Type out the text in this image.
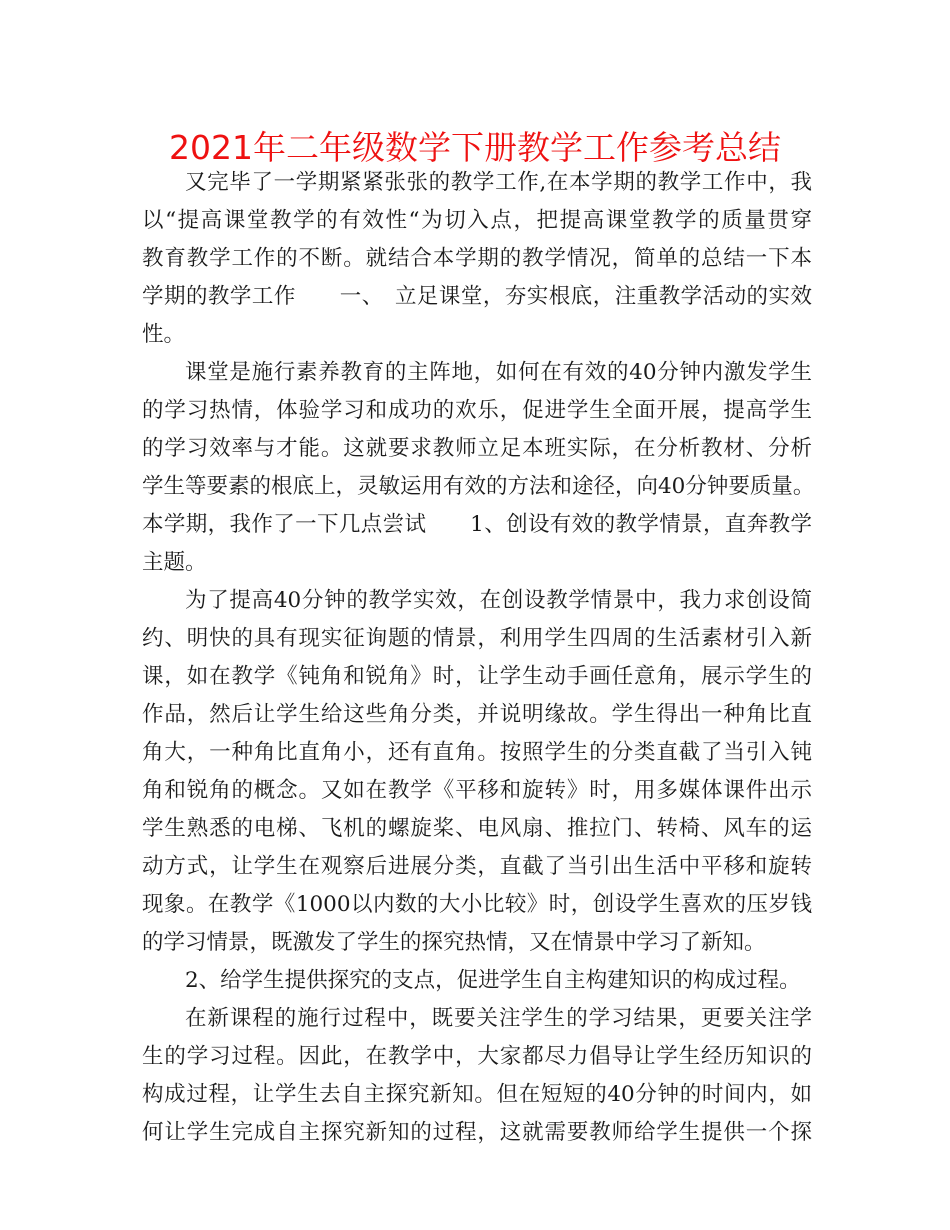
2021年二年级数学下册教学工作参考总结
又完毕了一学期紧紧张张的教学工作,在本学期的教学工作中，我
以“提高课堂教学的有效性“为切入点，把提高课堂教学的质量贯穿
教育教学工作的不断。就结合本学期的教学情况，简单的总结一下本
学期的教学工作　　一、　立足课堂，夯实根底，注重教学活动的实效
性。
课堂是施行素养教育的主阵地，如何在有效的40分钟内激发学生
的学习热情，体验学习和成功的欢乐，促进学生全面开展，提高学生
的学习效率与才能。这就要求教师立足本班实际，在分析教材、分析
学生等要素的根底上，灵敏运用有效的方法和途径，向40分钟要质量。
本学期，我作了一下几点尝试　　1、创设有效的教学情景，直奔教学
主题。
为了提高40分钟的教学实效，在创设教学情景中，我力求创设简
约、明快的具有现实征询题的情景，利用学生四周的生活素材引入新
课，如在教学《钝角和锐角》时，让学生动手画任意角，展示学生的
作品，然后让学生给这些角分类，并说明缘故。学生得出一种角比直
角大，一种角比直角小，还有直角。按照学生的分类直截了当引入钝
角和锐角的概念。又如在教学《平移和旋转》时，用多媒体课件出示
学生熟悉的电梯、飞机的螺旋桨、电风扇、推拉门、转椅、风车的运
动方式，让学生在观察后进展分类，直截了当引出生活中平移和旋转
现象。在教学《1000以内数的大小比较》时，创设学生喜欢的压岁钱
的学习情景，既激发了学生的探究热情，又在情景中学习了新知。
2、给学生提供探究的支点，促进学生自主构建知识的构成过程。
在新课程的施行过程中，既要关注学生的学习结果，更要关注学
生的学习过程。因此，在教学中，大家都尽力倡导让学生经历知识的
构成过程，让学生去自主探究新知。但在短短的40分钟的时间内，如
何让学生完成自主探究新知的过程，这就需要教师给学生提供一个探
